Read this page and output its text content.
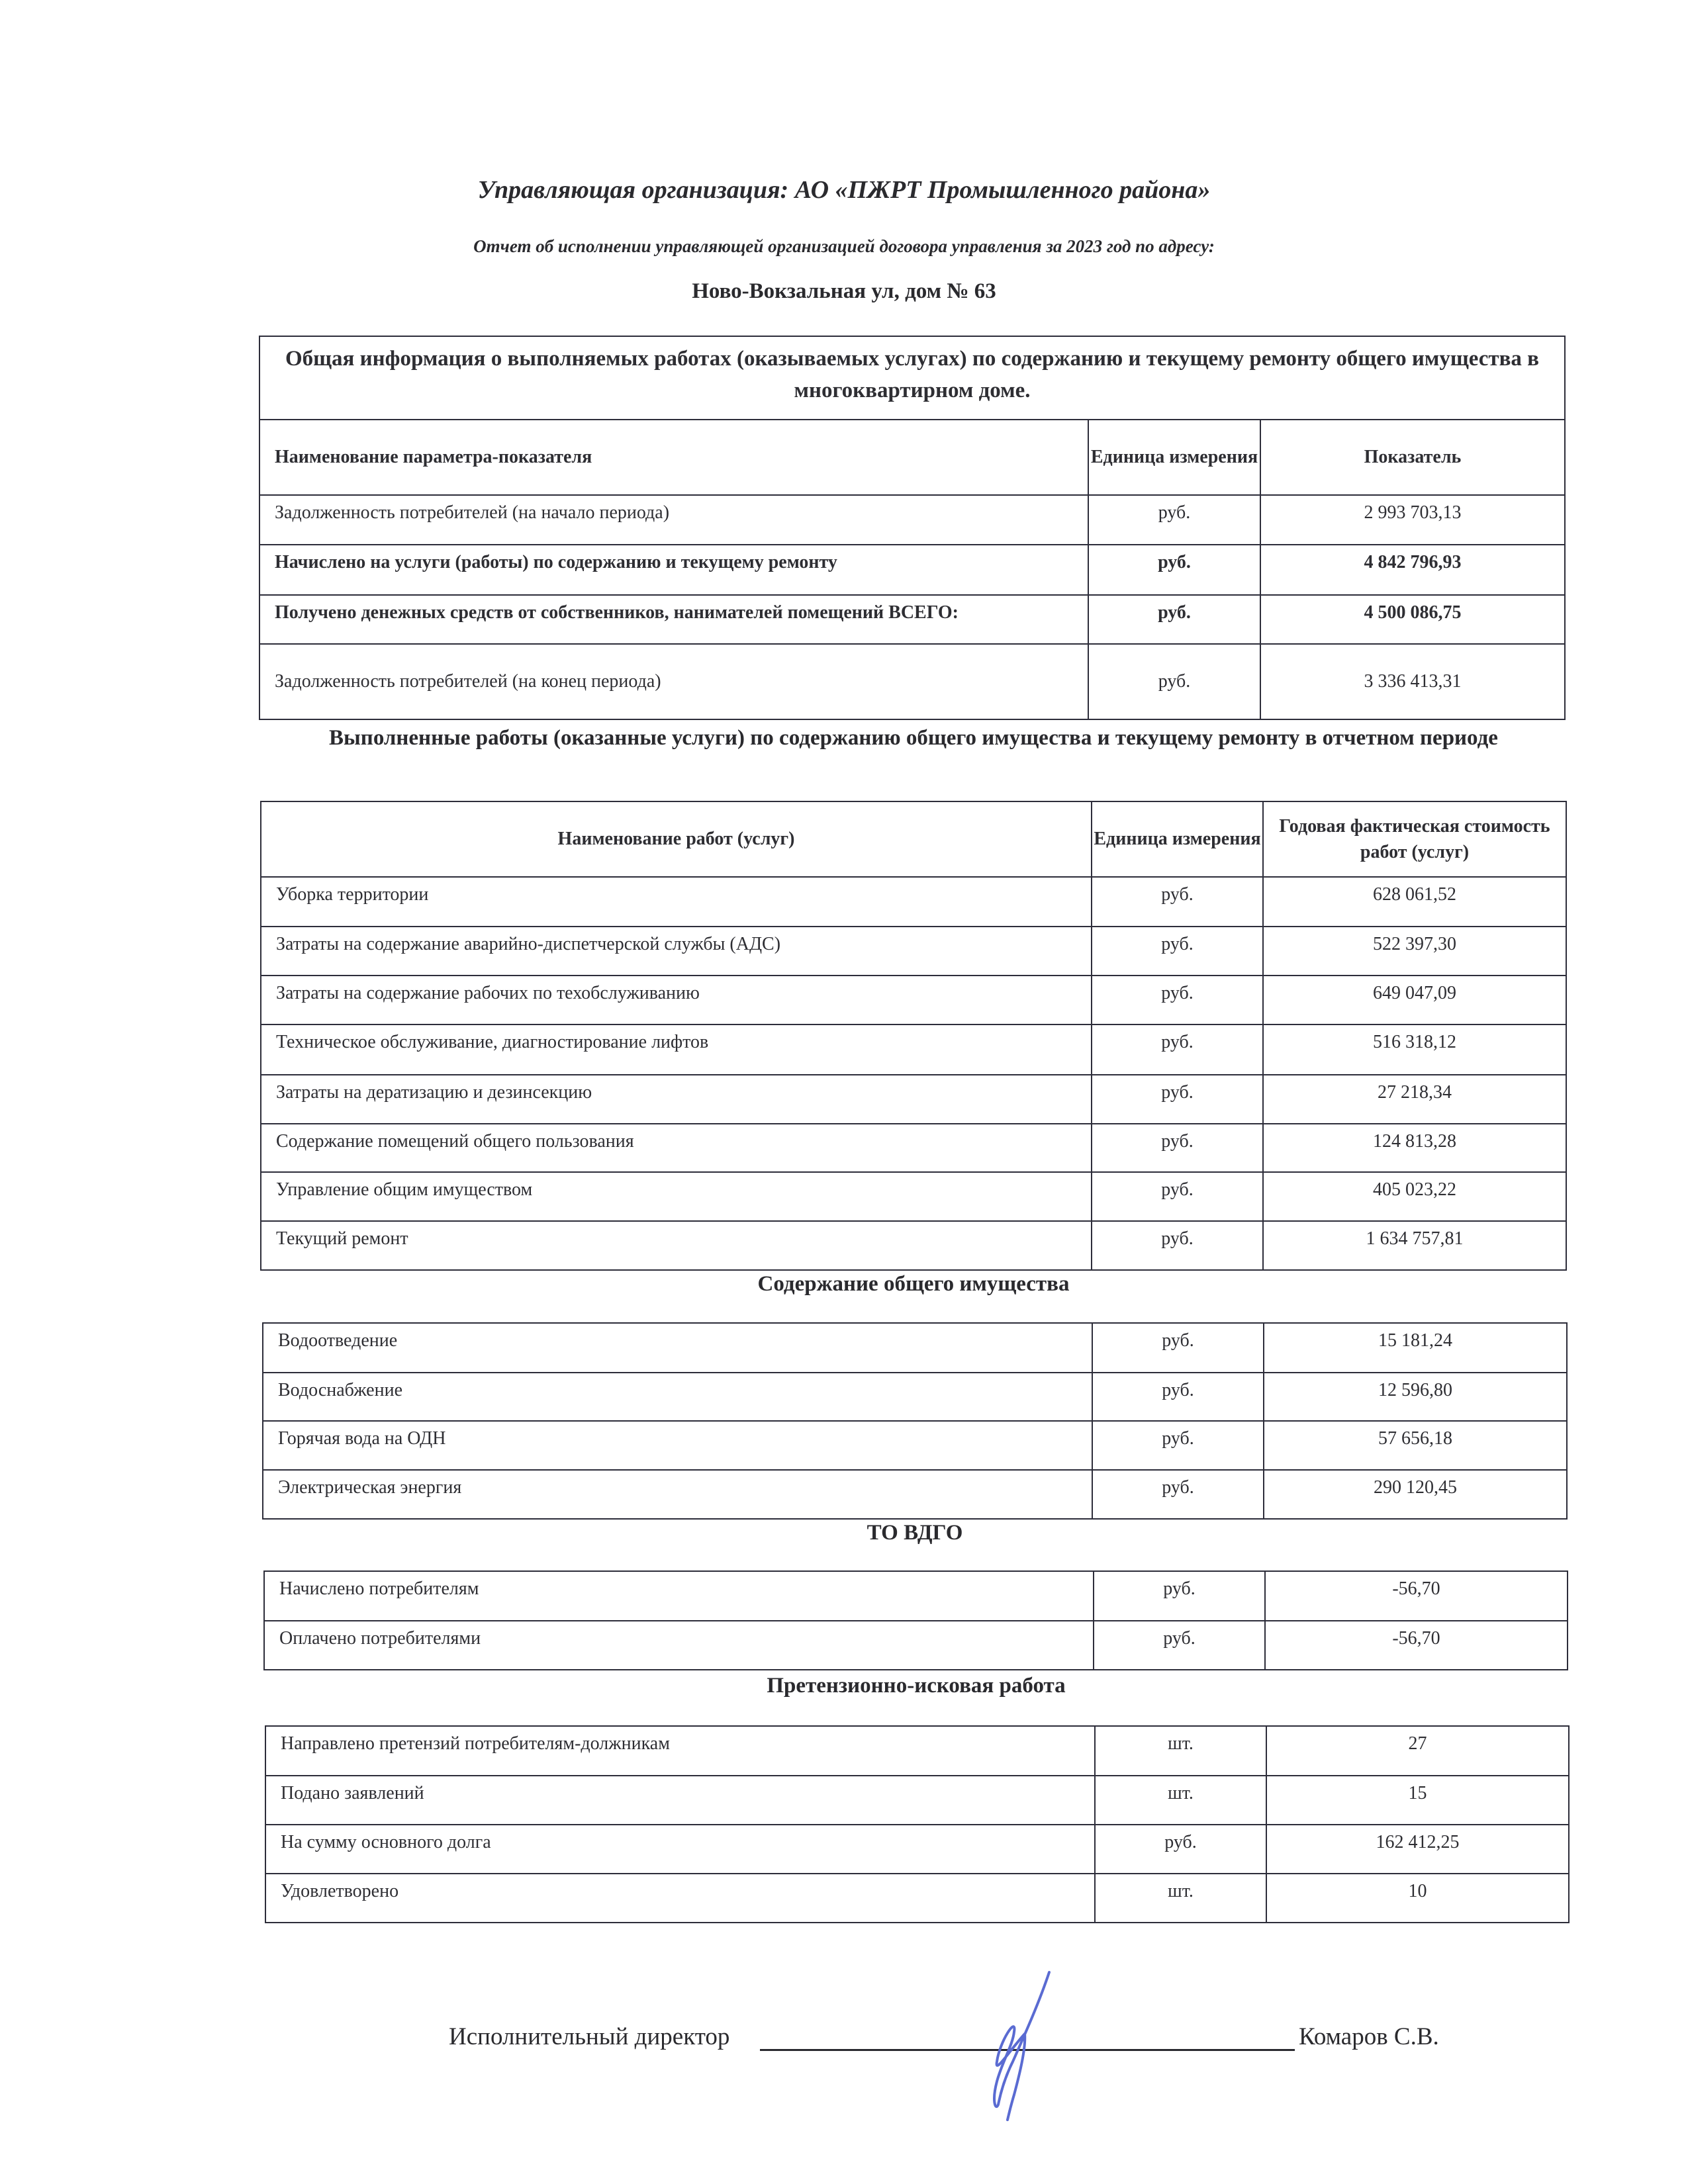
Управляющая организация: АО «ПЖРТ Промышленного района»
Отчет об исполнении управляющей организацией договора управления за 2023 год по адресу:
Ново-Вокзальная ул, дом № 63
Общая информация о выполняемых работах (оказываемых услугах) по содержанию и текущему ремонту общего имущества в многоквартирном доме.		
Наименование параметра-показателя	Единица измерения	Показатель
Задолженность потребителей (на начало периода)	руб.	2 993 703,13
Начислено на услуги (работы) по содержанию и текущему ремонту	руб.	4 842 796,93
Получено денежных средств от собственников, нанимателей помещений ВСЕГО:	руб.	4 500 086,75
Задолженность потребителей (на конец периода)	руб.	3 336 413,31
Выполненные работы (оказанные услуги) по содержанию общего имущества и текущему ремонту в отчетном периоде
Наименование работ (услуг)	Единица измерения	Годовая фактическая стоимость работ (услуг)
Уборка территории	руб.	628 061,52
Затраты на содержание аварийно-диспетчерской службы (АДС)	руб.	522 397,30
Затраты на содержание рабочих по техобслуживанию	руб.	649 047,09
Техническое обслуживание, диагностирование лифтов	руб.	516 318,12
Затраты на дератизацию и дезинсекцию	руб.	27 218,34
Содержание помещений общего пользования	руб.	124 813,28
Управление общим имуществом	руб.	405 023,22
Текущий ремонт	руб.	1 634 757,81
Содержание общего имущества
Водоотведение	руб.	15 181,24
Водоснабжение	руб.	12 596,80
Горячая вода на ОДН	руб.	57 656,18
Электрическая энергия	руб.	290 120,45
ТО ВДГО
Начислено потребителям	руб.	-56,70
Оплачено потребителями	руб.	-56,70
Претензионно-исковая работа
Направлено претензий потребителям-должникам	шт.	27
Подано заявлений	шт.	15
На сумму основного долга	руб.	162 412,25
Удовлетворено	шт.	10
Исполнительный директор	Комаров С.В.
